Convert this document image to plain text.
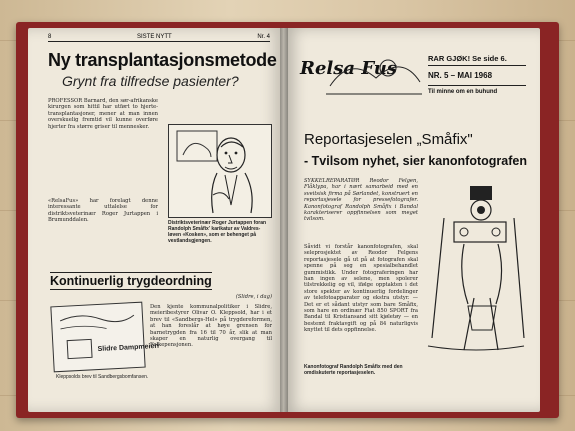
8	SISTE NYTT	Nr. 4
Ny transplantasjonsmetode
Grynt fra tilfredse pasienter?
PROFESSOR Barnard, den sør-afrikanske kirurgen som hittil har utført to hjerte-transplantasjoner, mener at man innen overskuelig fremtid vil kunne overføre hjerter fra større griser til mennesker.
«RelsaFus» har forelagt denne interessante uttalelse for distriktsveterinær Roger Jurtappen i Brumunddalen.	Distriktsveterinær Roger Jurtappen foran Randolph Småfix' karikatur av Valdres-løven «Kosken», som er behenget på vestlandsgjengen.
Kontinuerlig trygdeordning
(Slidre, i dag)
Den kjente kommunalpolitiker i Slidre, meieribestyrer Olivar O. Kleppsold, har i et brev til «Sandbergs-Hel» på trygdereformen, at han foreslår at høye grensen for barnetrygden fra 16 til 70 år, slik at man skaper en naturlig overgang til Folkepensjonen.
Slidre Dampmeieri
Kleppsolds brev til Sandbergsbomfansen.
Relsa Fus	RAR GJØK! Se side 6.
NR. 5 – MAI 1968
Til minne om en buhund
Reportasjeselen „Småfix"
- Tvilsom nyhet, sier kanonfotografen
SYKKELREPARATØR Reodor Felgen, Flåklypa, har i nært samarbeid med en sveitsisk firma på Sørlandet, konstruert en reportasjesele for pressefotografer. Kanonfotograf Randolph Småfix i Bandal karakteriserer oppfinnelsen som meget tvilsom.
Såvidt vi forstår kanonfotografen, skal seleprosjektet av Reodor Felgens reportasjesele gå ut på at fotografen skal spenne på seg en spesialbehandlet gummistikk. Under fotograferingen har han ingen av selene, men spolerer tilstrekkelig og vil, ifølge opptakten i det store spekter av kontinuerlig fordelinger av telefotoapparater og ekstra utstyr. — Det er et sådant utstyr som bare Småfix, som hare en ordinær Fiat 850 SPORT fra Bandal til Kristiansand sitt kjøletøy — en bestemt fraktavgift og på 84 naturligvis knyttet til dets oppfinnelse.
Kanonfotograf Randolph Småfix med den omdiskuterte reportasjeselen.
